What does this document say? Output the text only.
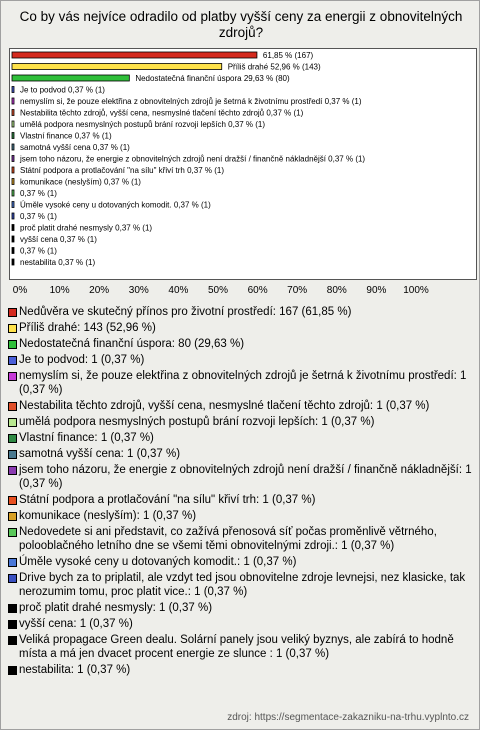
Co by vás nejvíce odradilo od platby vyšší ceny za energii z obnovitelných zdrojů?
61,85 % (167)
Příliš drahé 52,96 % (143)
Nedostatečná finanční úspora 29,63 % (80)
Je to podvod 0,37 % (1)
nemyslím si, že pouze elektřina z obnovitelných zdrojů je šetrná k životnímu prostředí 0,37 % (1)
Nestabilita těchto zdrojů, vyšší cena, nesmyslné tlačení těchto zdrojů 0,37 % (1)
umělá podpora nesmyslných postupů brání rozvoji lepších 0,37 % (1)
Vlastní finance 0,37 % (1)
samotná vyšší cena 0,37 % (1)
jsem toho názoru, že energie z obnovitelných zdrojů není dražší / finančně nákladnější 0,37 % (1)
Státní podpora a protlačování "na sílu" křiví trh 0,37 % (1)
komunikace (neslyším) 0,37 % (1)
0,37 % (1)
Úměle vysoké ceny u dotovaných komodit. 0,37 % (1)
0,37 % (1)
proč platit drahé nesmysly 0,37 % (1)
vyšší cena 0,37 % (1)
0,37 % (1)
nestabilita 0,37 % (1)
0% 10% 20% 30% 40% 50% 60% 70% 80% 90% 100%
Nedůvěra ve skutečný přínos pro životní prostředí: 167 (61,85 %)
Příliš drahé: 143 (52,96 %)
Nedostatečná finanční úspora: 80 (29,63 %)
Je to podvod: 1 (0,37 %)
nemyslím si, že pouze elektřina z obnovitelných zdrojů je šetrná k životnímu prostředí: 1 (0,37 %)
Nestabilita těchto zdrojů, vyšší cena, nesmyslné tlačení těchto zdrojů: 1 (0,37 %)
umělá podpora nesmyslných postupů brání rozvoji lepších: 1 (0,37 %)
Vlastní finance: 1 (0,37 %)
samotná vyšší cena: 1 (0,37 %)
jsem toho názoru, že energie z obnovitelných zdrojů není dražší / finančně nákladnější: 1 (0,37 %)
Státní podpora a protlačování "na sílu" křiví trh: 1 (0,37 %)
komunikace (neslyším): 1 (0,37 %)
Nedovedete si ani představit, co zažívá přenosová síť počas proměnlivě větrného, polooblačného letního dne se všemi těmi obnovitelnými zdroji.: 1 (0,37 %)
Úměle vysoké ceny u dotovaných komodit.: 1 (0,37 %)
Drive bych za to priplatil, ale vzdyt ted jsou obnovitelne zdroje levnejsi, nez klasicke, tak nerozumim tomu, proc platit vice.: 1 (0,37 %)
proč platit drahé nesmysly: 1 (0,37 %)
vyšší cena: 1 (0,37 %)
Veliká propagace Green dealu. Solární panely jsou veliký byznys, ale zabírá to hodně místa a má jen dvacet procent energie ze slunce : 1 (0,37 %)
nestabilita: 1 (0,37 %)
zdroj: https://segmentace-zakazniku-na-trhu.vyplnto.cz
